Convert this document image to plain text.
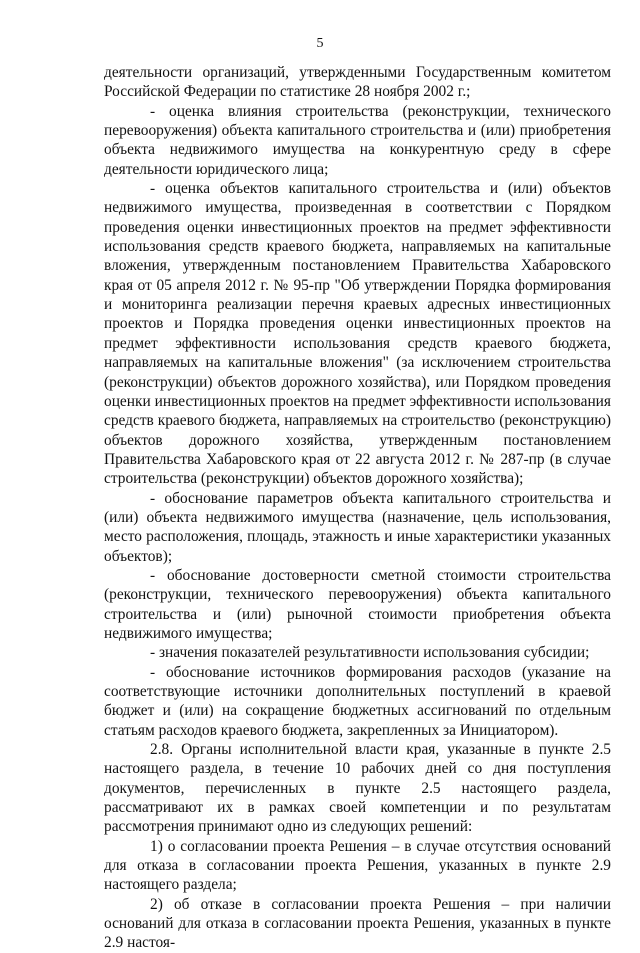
5

деятельности организаций, утвержденными Государственным комитетом Российской Федерации по статистике 28 ноября 2002 г.;

- оценка влияния строительства (реконструкции, технического перевооружения) объекта капитального строительства и (или) приобретения объекта недвижимого имущества на конкурентную среду в сфере деятельности юридического лица;

- оценка объектов капитального строительства и (или) объектов недвижимого имущества, произведенная в соответствии с Порядком проведения оценки инвестиционных проектов на предмет эффективности использования средств краевого бюджета, направляемых на капитальные вложения, утвержденным постановлением Правительства Хабаровского края от 05 апреля 2012 г. № 95-пр "Об утверждении Порядка формирования и мониторинга реализации перечня краевых адресных инвестиционных проектов и Порядка проведения оценки инвестиционных проектов на предмет эффективности использования средств краевого бюджета, направляемых на капитальные вложения" (за исключением строительства (реконструкции) объектов дорожного хозяйства), или Порядком проведения оценки инвестиционных проектов на предмет эффективности использования средств краевого бюджета, направляемых на строительство (реконструкцию) объектов дорожного хозяйства, утвержденным постановлением Правительства Хабаровского края от 22 августа 2012 г. № 287-пр (в случае строительства (реконструкции) объектов дорожного хозяйства);

- обоснование параметров объекта капитального строительства и (или) объекта недвижимого имущества (назначение, цель использования, место расположения, площадь, этажность и иные характеристики указанных объектов);

- обоснование достоверности сметной стоимости строительства (реконструкции, технического перевооружения) объекта капитального строительства и (или) рыночной стоимости приобретения объекта недвижимого имущества;

- значения показателей результативности использования субсидии;

- обоснование источников формирования расходов (указание на соответствующие источники дополнительных поступлений в краевой бюджет и (или) на сокращение бюджетных ассигнований по отдельным статьям расходов краевого бюджета, закрепленных за Инициатором).

2.8. Органы исполнительной власти края, указанные в пункте 2.5 настоящего раздела, в течение 10 рабочих дней со дня поступления документов, перечисленных в пункте 2.5 настоящего раздела, рассматривают их в рамках своей компетенции и по результатам рассмотрения принимают одно из следующих решений:

1) о согласовании проекта Решения – в случае отсутствия оснований для отказа в согласовании проекта Решения, указанных в пункте 2.9 настоящего раздела;

2) об отказе в согласовании проекта Решения – при наличии оснований для отказа в согласовании проекта Решения, указанных в пункте 2.9 настоя-
